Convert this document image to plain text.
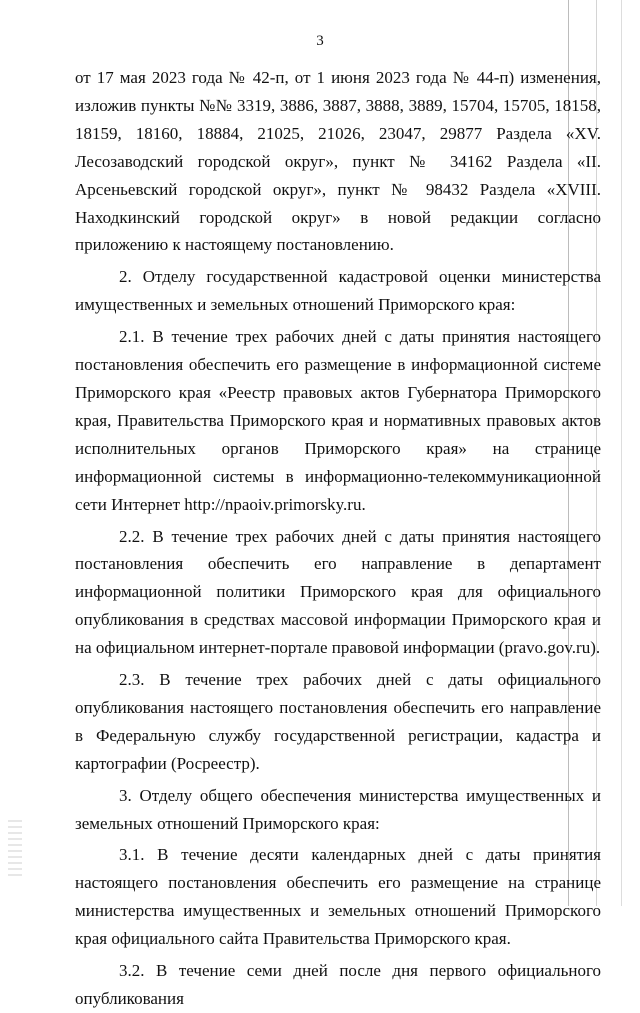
3

от 17 мая 2023 года № 42-п, от 1 июня 2023 года № 44-п) изменения, изложив пункты №№ 3319, 3886, 3887, 3888, 3889, 15704, 15705, 18158, 18159, 18160, 18884, 21025, 21026, 23047, 29877 Раздела «XV. Лесозаводский городской округ», пункт № 34162 Раздела «II. Арсеньевский городской округ», пункт № 98432 Раздела «XVIII. Находкинский городской округ» в новой редакции согласно приложению к настоящему постановлению.

2. Отделу государственной кадастровой оценки министерства имущественных и земельных отношений Приморского края:

2.1. В течение трех рабочих дней с даты принятия настоящего постановления обеспечить его размещение в информационной системе Приморского края «Реестр правовых актов Губернатора Приморского края, Правительства Приморского края и нормативных правовых актов исполнительных органов Приморского края» на странице информационной системы в информационно-телекоммуникационной сети Интернет http://npaoiv.primorsky.ru.

2.2. В течение трех рабочих дней с даты принятия настоящего постановления обеспечить его направление в департамент информационной политики Приморского края для официального опубликования в средствах массовой информации Приморского края и на официальном интернет-портале правовой информации (pravo.gov.ru).

2.3. В течение трех рабочих дней с даты официального опубликования настоящего постановления обеспечить его направление в Федеральную службу государственной регистрации, кадастра и картографии (Росреестр).

3. Отделу общего обеспечения министерства имущественных и земельных отношений Приморского края:

3.1. В течение десяти календарных дней с даты принятия настоящего постановления обеспечить его размещение на странице министерства имущественных и земельных отношений Приморского края официального сайта Правительства Приморского края.

3.2. В течение семи дней после дня первого официального опубликования
